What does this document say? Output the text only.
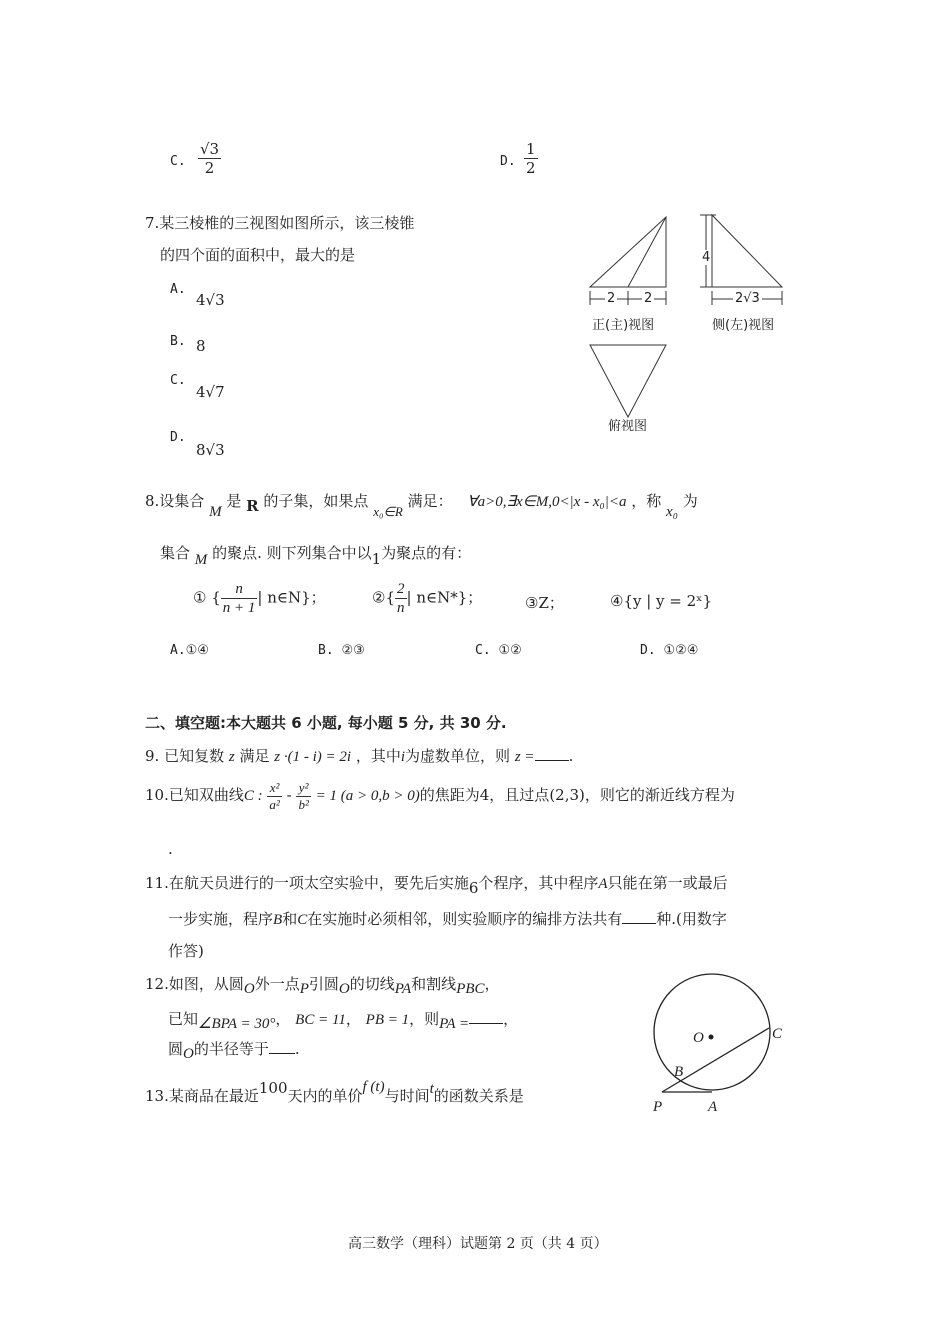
C. $\frac{√3}{2}$	D. $\frac{1}{2}$
7.某三棱椎的三视图如图所示，该三棱锥
的四个面的面积中，最大的是
A.
4√3
B. 8
C.
4√7
D.
8√3
2 2
4
2√3
正(主)视图	侧(左)视图
俯视图
8.设集合 M 是 R 的子集，如果点 x₀∈R 满足： ∀a>0,∃x∈M,0<|x - x₀|<a ，称 x₀ 为
集合 M 的聚点. 则下列集合中以1为聚点的有：
① { $\frac{n}{n + 1}$ | n∈N}；	②{ $\frac{2}{n}$ | n∈N*}；	③Z；	④{y | y = 2ˣ}
A.①④	B. ②③	C. ①②	D. ①②④
二、填空题:本大题共 6 小题, 每小题 5 分, 共 30 分.
9. 已知复数 z 满足 z ·(1 - i) = 2i ，其中i为虚数单位，则 z = .
10.已知双曲线C : $\frac{\text{x²}}{\text{a²}} - \frac{\text{y²}}{\text{b²}} = 1$ (a > 0,b > 0)的焦距为4，且过点(2,3)，则它的渐近线方程为
.
11.在航天员进行的一项太空实验中，要先后实施6个程序，其中程序A只能在第一或最后
一步实施，程序B和C在实施时必须相邻，则实验顺序的编排方法共有 种.(用数字
作答)
12.如图，从圆O外一点P引圆O的切线PA和割线PBC，
已知∠BPA = 30°， BC = 11， PB = 1，则PA = ，
圆O的半径等于 .
O	C
B
P	A
13.某商品在最近100天内的单价f (t)与时间t的函数关系是
高三数学（理科）试题第 2 页（共 4 页）
